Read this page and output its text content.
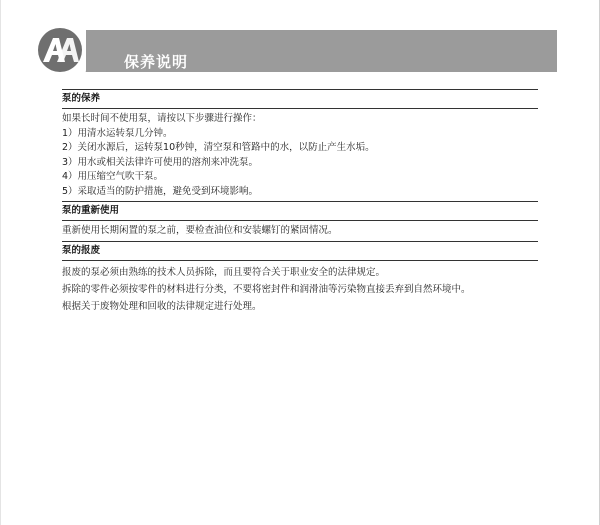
保养说明
泵的保养

如果长时间不使用泵，请按以下步骤进行操作：

1）用清水运转泵几分钟。

2）关闭水源后，运转泵10秒钟，清空泵和管路中的水，以防止产生水垢。

3）用水或相关法律许可使用的溶剂来冲洗泵。

4）用压缩空气吹干泵。

5）采取适当的防护措施，避免受到环境影响。

泵的重新使用

重新使用长期闲置的泵之前，要检查油位和安装螺钉的紧固情况。

泵的报废

报废的泵必须由熟练的技术人员拆除，而且要符合关于职业安全的法律规定。

拆除的零件必须按零件的材料进行分类，不要将密封件和润滑油等污染物直接丢弃到自然环境中。

根据关于废物处理和回收的法律规定进行处理。
